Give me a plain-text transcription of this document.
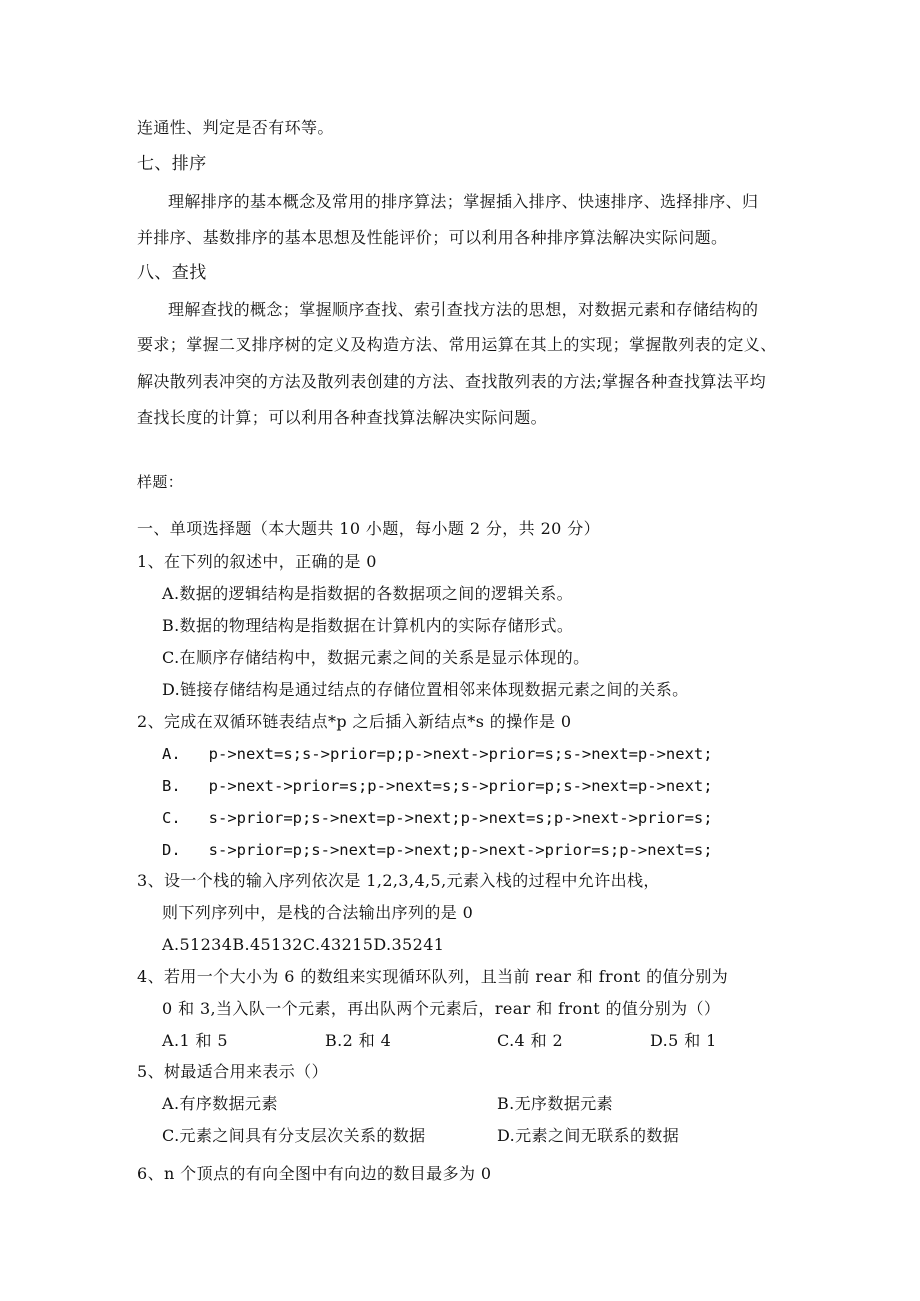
连通性、判定是否有环等。

七、排序

理解排序的基本概念及常用的排序算法；掌握插入排序、快速排序、选择排序、归

并排序、基数排序的基本思想及性能评价；可以利用各种排序算法解决实际问题。

八、查找

理解查找的概念；掌握顺序查找、索引查找方法的思想，对数据元素和存储结构的

要求；掌握二叉排序树的定义及构造方法、常用运算在其上的实现；掌握散列表的定义、

解决散列表冲突的方法及散列表创建的方法、查找散列表的方法;掌握各种查找算法平均

查找长度的计算；可以利用各种查找算法解决实际问题。

样题：

一、单项选择题（本大题共 10 小题，每小题 2 分，共 20 分）

1、在下列的叙述中，正确的是 0

A.数据的逻辑结构是指数据的各数据项之间的逻辑关系。

B.数据的物理结构是指数据在计算机内的实际存储形式。

C.在顺序存储结构中，数据元素之间的关系是显示体现的。

D.链接存储结构是通过结点的存储位置相邻来体现数据元素之间的关系。

2、完成在双循环链表结点*p 之后插入新结点*s 的操作是 0

A.   p->next=s;s->prior=p;p->next->prior=s;s->next=p->next;

B.   p->next->prior=s;p->next=s;s->prior=p;s->next=p->next;

C.   s->prior=p;s->next=p->next;p->next=s;p->next->prior=s;

D.   s->prior=p;s->next=p->next;p->next->prior=s;p->next=s;

3、设一个栈的输入序列依次是 1,2,3,4,5,元素入栈的过程中允许出栈，

则下列序列中，是栈的合法输出序列的是 0

A.51234B.45132C.43215D.35241

4、若用一个大小为 6 的数组来实现循环队列，且当前 rear 和 front 的值分别为

0 和 3,当入队一个元素，再出队两个元素后，rear 和 front 的值分别为（）

A.1 和 5	B.2 和 4	C.4 和 2	D.5 和 1

5、树最适合用来表示（）

A.有序数据元素	B.无序数据元素

C.元素之间具有分支层次关系的数据	D.元素之间无联系的数据

6、n 个顶点的有向全图中有向边的数目最多为 0
